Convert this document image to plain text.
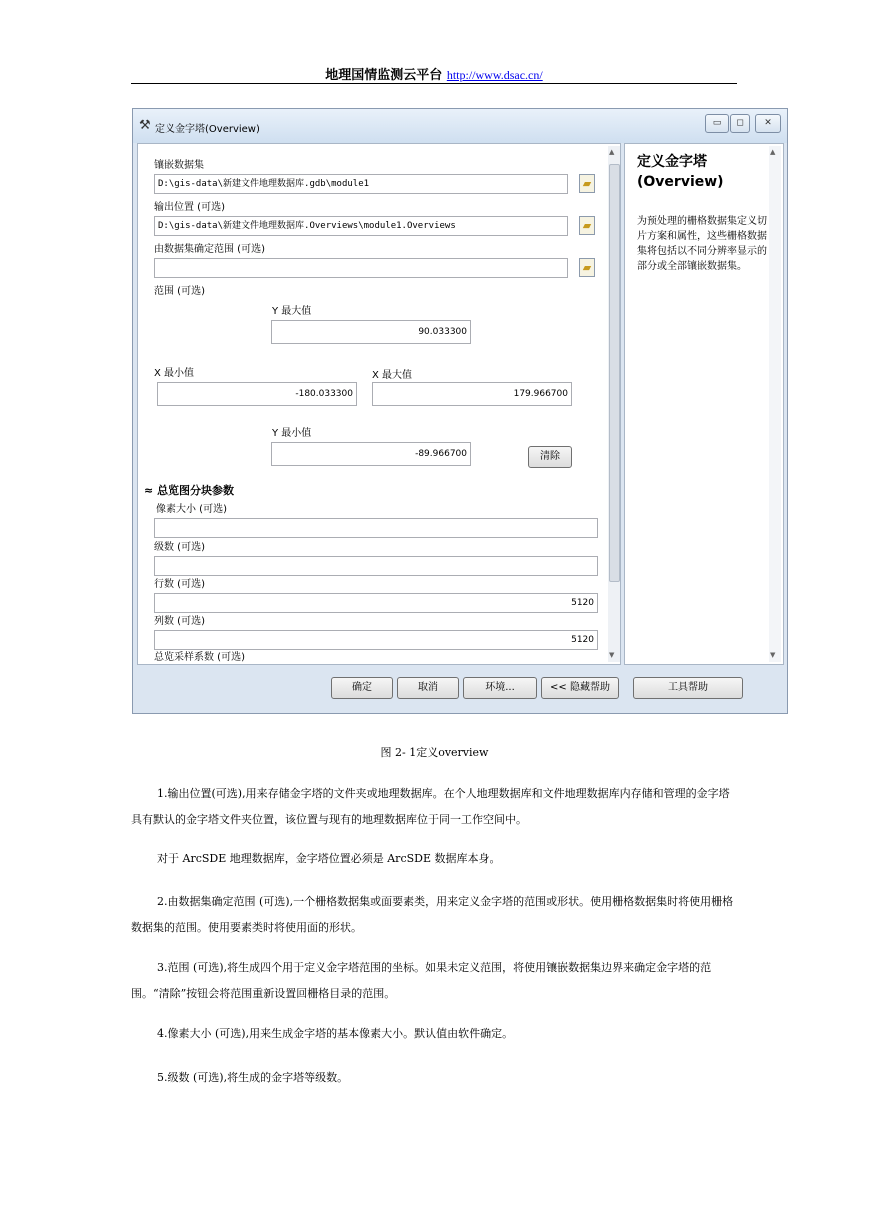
地理国情监测云平台 http://www.dsac.cn/
⚒ 定义金字塔(Overview)
▭	◻	✕
镶嵌数据集
D:\gis-data\新建文件地理数据库.gdb\module1	▰
输出位置 (可选)
D:\gis-data\新建文件地理数据库.Overviews\module1.Overviews	▰
由数据集确定范围 (可选)
▰
范围 (可选)
Y 最大值
90.033300
X 最小值
-180.033300
X 最大值
179.966700
Y 最小值
-89.966700	清除
≈ 总览图分块参数
像素大小 (可选)
级数 (可选)
行数 (可选)
5120
列数 (可选)
5120
总览采样系数 (可选)
▲
▼
定义金字塔 (Overview)
为预处理的栅格数据集定义切片方案和属性，这些栅格数据集将包括以不同分辨率显示的部分或全部镶嵌数据集。
▲
▼
确定	取消	环境...	<< 隐藏帮助	工具帮助
图 2- 1定义overview
1.输出位置(可选),用来存储金字塔的文件夹或地理数据库。在个人地理数据库和文件地理数据库内存储和管理的金字塔具有默认的金字塔文件夹位置，该位置与现有的地理数据库位于同一工作空间中。
对于 ArcSDE 地理数据库，金字塔位置必须是 ArcSDE 数据库本身。
2.由数据集确定范围 (可选),一个栅格数据集或面要素类，用来定义金字塔的范围或形状。使用栅格数据集时将使用栅格数据集的范围。使用要素类时将使用面的形状。
3.范围 (可选),将生成四个用于定义金字塔范围的坐标。如果未定义范围，将使用镶嵌数据集边界来确定金字塔的范围。“清除”按钮会将范围重新设置回栅格目录的范围。
4.像素大小 (可选),用来生成金字塔的基本像素大小。默认值由软件确定。
5.级数 (可选),将生成的金字塔等级数。
